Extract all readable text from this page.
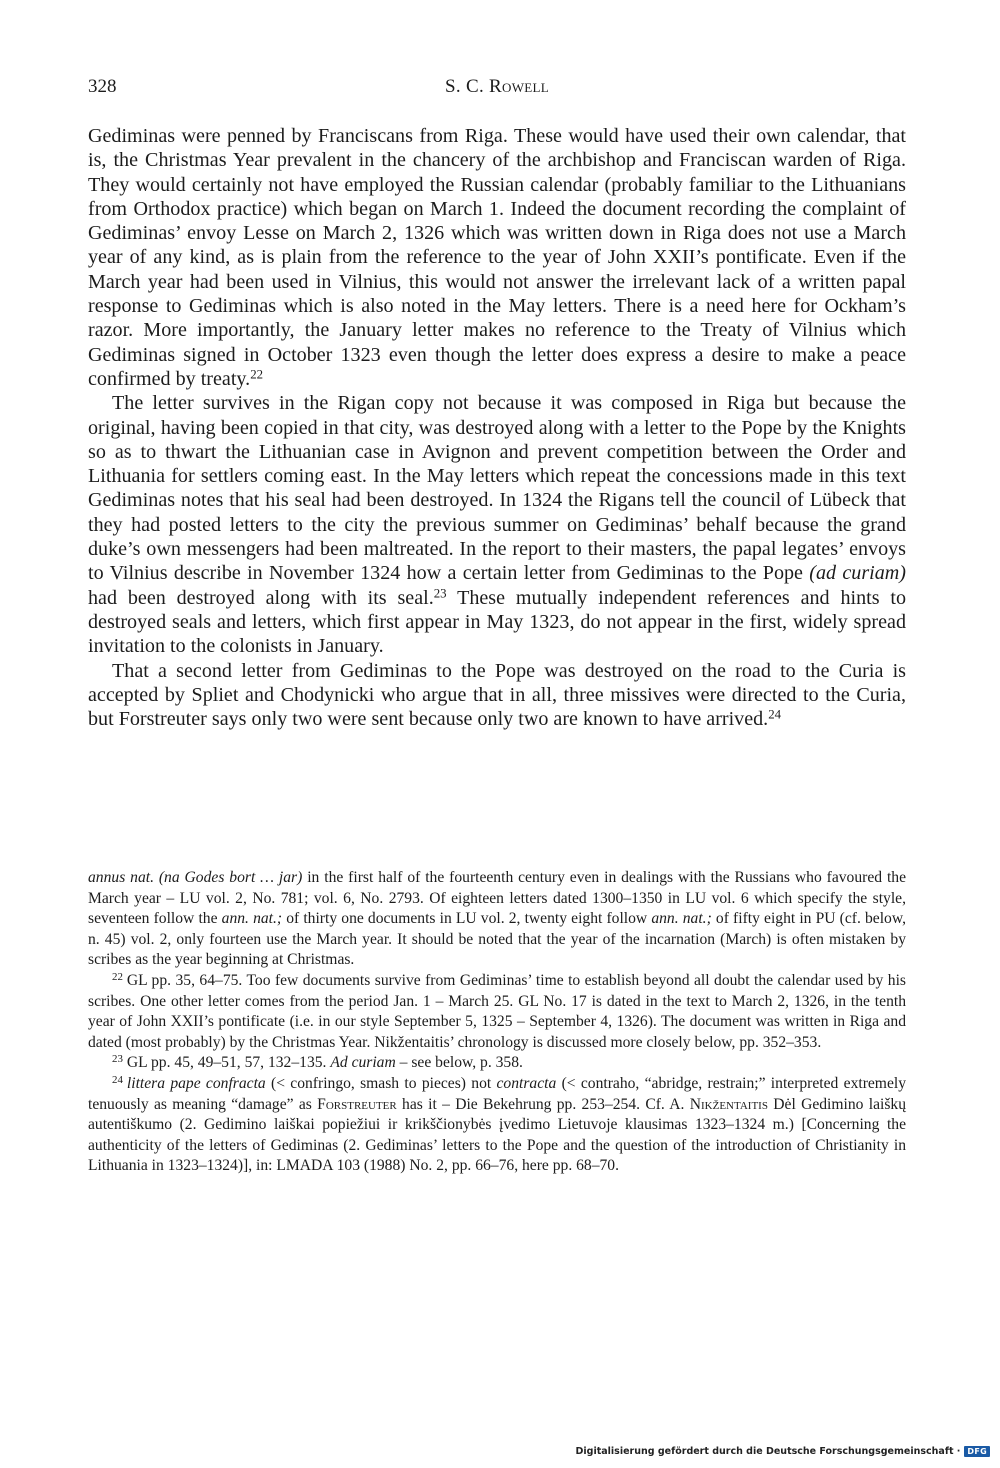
328	S. C. Rowell

Gediminas were penned by Franciscans from Riga. These would have used their own calendar, that is, the Christmas Year prevalent in the chancery of the archbishop and Franciscan warden of Riga. They would certainly not have employed the Russian calendar (probably familiar to the Lithuanians from Orthodox practice) which began on March 1. Indeed the document recording the complaint of Gediminas’ envoy Lesse on March 2, 1326 which was written down in Riga does not use a March year of any kind, as is plain from the reference to the year of John XXII’s pontificate. Even if the March year had been used in Vilnius, this would not answer the irrelevant lack of a written papal response to Gediminas which is also noted in the May letters. There is a need here for Ockham’s razor. More importantly, the January letter makes no reference to the Treaty of Vilnius which Gediminas signed in October 1323 even though the letter does express a desire to make a peace confirmed by treaty.$^{22}$

The letter survives in the Rigan copy not because it was composed in Riga but because the original, having been copied in that city, was destroyed along with a letter to the Pope by the Knights so as to thwart the Lithuanian case in Avignon and prevent competition between the Order and Lithuania for settlers coming east. In the May letters which repeat the concessions made in this text Gediminas notes that his seal had been destroyed. In 1324 the Rigans tell the council of Lübeck that they had posted letters to the city the previous summer on Gediminas’ behalf because the grand duke’s own messengers had been maltreated. In the report to their masters, the papal legates’ envoys to Vilnius describe in November 1324 how a certain letter from Gediminas to the Pope (ad curiam) had been destroyed along with its seal.$^{23}$ These mutually independent references and hints to destroyed seals and letters, which first appear in May 1323, do not appear in the first, widely spread invitation to the colonists in January.

That a second letter from Gediminas to the Pope was destroyed on the road to the Curia is accepted by Spliet and Chodynicki who argue that in all, three missives were directed to the Curia, but Forstreuter says only two were sent because only two are known to have arrived.$^{24}$

annus nat. (na Godes bort … jar) in the first half of the fourteenth century even in dealings with the Russians who favoured the March year – LU vol. 2, No. 781; vol. 6, No. 2793. Of eighteen letters dated 1300–1350 in LU vol. 6 which specify the style, seventeen follow the ann. nat.; of thirty one documents in LU vol. 2, twenty eight follow ann. nat.; of fifty eight in PU (cf. below, n. 45) vol. 2, only fourteen use the March year. It should be noted that the year of the incarnation (March) is often mistaken by scribes as the year beginning at Christmas.

$^{22}$ GL pp. 35, 64–75. Too few documents survive from Gediminas’ time to establish beyond all doubt the calendar used by his scribes. One other letter comes from the period Jan. 1 – March 25. GL No. 17 is dated in the text to March 2, 1326, in the tenth year of John XXII’s pontificate (i.e. in our style September 5, 1325 – September 4, 1326). The document was written in Riga and dated (most probably) by the Christmas Year. Nikžentaitis’ chronology is discussed more closely below, pp. 352–353.

$^{23}$ GL pp. 45, 49–51, 57, 132–135. Ad curiam – see below, p. 358.

$^{24}$ littera pape confracta (< confringo, smash to pieces) not contracta (< contraho, “abridge, restrain;” interpreted extremely tenuously as meaning “damage” as Forstreuter has it – Die Bekehrung pp. 253–254. Cf. A. Nikžentaitis Dėl Gedimino laiškų autentiškumo (2. Gedimino laiškai popiežiui ir krikščionybės įvedimo Lietuvoje klausimas 1323–1324 m.) [Concerning the authenticity of the letters of Gediminas (2. Gediminas’ letters to the Pope and the question of the introduction of Christianity in Lithuania in 1323–1324)], in: LMADA 103 (1988) No. 2, pp. 66–76, here pp. 68–70.

Digitalisierung gefördert durch die Deutsche Forschungsgemeinschaft · DFG
